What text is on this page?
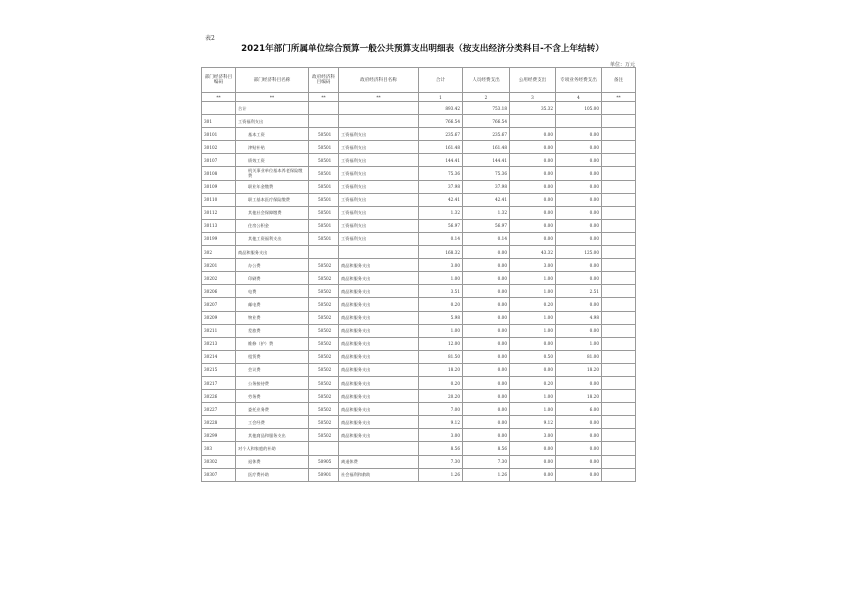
表2
2021年部门所属单位综合预算一般公共预算支出明细表（按支出经济分类科目-不含上年结转）
单位：万元
部门经济科目编码	部门经济科目名称	政府经济科目编码	政府经济科目名称	合计	人员经费支出	公用经费支出	专项业务经费支出	备注
**	**	**	**	1	2	3	4	**
	合计			893.42	753.18	35.32	105.00	
301	工资福利支出			766.54	766.54			
30101	基本工资	50501	工资福利支出	235.67	235.67	0.00	0.00	
30102	津贴补贴	50501	工资福利支出	161.48	161.48	0.00	0.00	
30107	绩效工资	50501	工资福利支出	144.41	144.41	0.00	0.00	
30108	机关事业单位基本养老保险缴费	50501	工资福利支出	75.36	75.36	0.00	0.00	
30109	职业年金缴费	50501	工资福利支出	37.98	37.98	0.00	0.00	
30110	职工基本医疗保险缴费	50501	工资福利支出	42.41	42.41	0.00	0.00	
30112	其他社会保障缴费	50501	工资福利支出	1.32	1.32	0.00	0.00	
30113	住房公积金	50501	工资福利支出	56.97	56.97	0.00	0.00	
30199	其他工资福利支出	50501	工资福利支出	0.14	0.14	0.00	0.00	
302	商品和服务支出			168.32	0.00	43.32	125.00	
30201	办公费	50502	商品和服务支出	3.00	0.00	3.00	0.00	
30202	印刷费	50502	商品和服务支出	1.00	0.00	1.00	0.00	
30206	电费	50502	商品和服务支出	3.51	0.00	1.00	2.51	
30207	邮电费	50502	商品和服务支出	0.20	0.00	0.20	0.00	
30209	物业费	50502	商品和服务支出	5.98	0.00	1.00	4.98	
30211	差旅费	50502	商品和服务支出	1.00	0.00	1.00	0.00	
30213	维修（护）费	50502	商品和服务支出	12.00	0.00	0.00	1.00	
30214	租赁费	50502	商品和服务支出	81.50	0.00	0.50	81.00	
30215	会议费	50502	商品和服务支出	18.20	0.00	0.00	18.20	
30217	公务接待费	50502	商品和服务支出	0.20	0.00	0.20	0.00	
30226	劳务费	50502	商品和服务支出	20.20	0.00	1.00	18.20	
30227	委托业务费	50502	商品和服务支出	7.00	0.00	1.00	6.00	
30228	工会经费	50502	商品和服务支出	9.12	0.00	9.12	0.00	
30299	其他商品和服务支出	50502	商品和服务支出	3.00	0.00	3.00	0.00	
303	对个人和家庭的补助			8.56	8.56	0.00	0.00	
30302	退休费	50905	离退休费	7.30	7.30	0.00	0.00	
30307	医疗费补助	50901	社会福利和救助	1.26	1.26	0.00	0.00	
